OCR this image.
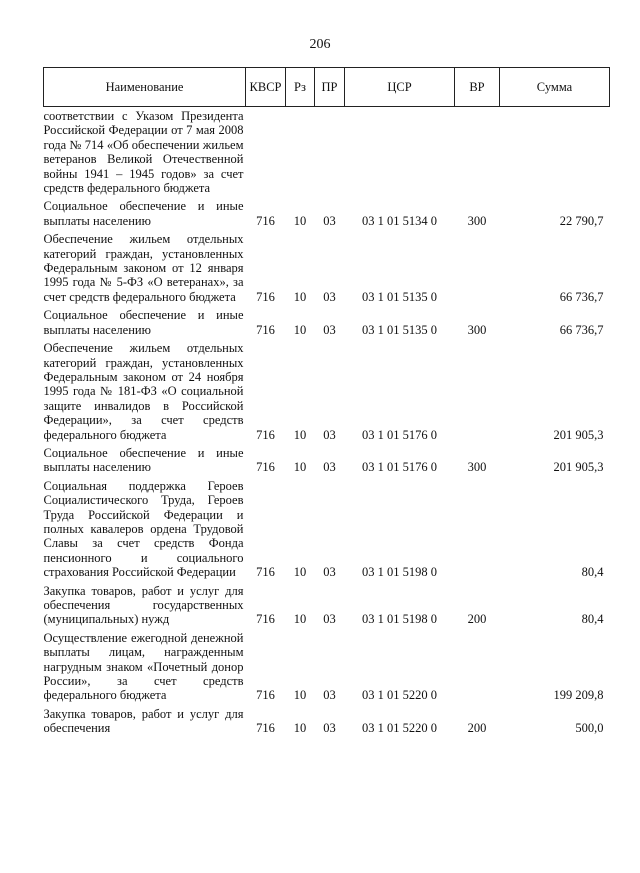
206
Наименование	КВСР	Рз	ПР	ЦСР	ВР	Сумма
соответствии с Указом Президента Российской Федерации от 7 мая 2008 года № 714 «Об обеспечении жильем ветеранов Великой Отечественной войны 1941 – 1945 годов» за счет средств федерального бюджета						
Социальное обеспечение и иные выплаты населению	716	10	03	03 1 01 5134 0	300	22 790,7
Обеспечение жильем отдельных категорий граждан, установленных Федеральным законом от 12 января 1995 года № 5-ФЗ «О ветеранах», за счет средств федерального бюджета	716	10	03	03 1 01 5135 0		66 736,7
Социальное обеспечение и иные выплаты населению	716	10	03	03 1 01 5135 0	300	66 736,7
Обеспечение жильем отдельных категорий граждан, установленных Федеральным законом от 24 ноября 1995 года № 181-ФЗ «О социальной защите инвалидов в Российской Федерации», за счет средств федерального бюджета	716	10	03	03 1 01 5176 0		201 905,3
Социальное обеспечение и иные выплаты населению	716	10	03	03 1 01 5176 0	300	201 905,3
Социальная поддержка Героев Социалистического Труда, Героев Труда Российской Федерации и полных кавалеров ордена Трудовой Славы за счет средств Фонда пенсионного и социального страхования Российской Федерации	716	10	03	03 1 01 5198 0		80,4
Закупка товаров, работ и услуг для обеспечения государственных (муниципальных) нужд	716	10	03	03 1 01 5198 0	200	80,4
Осуществление ежегодной денежной выплаты лицам, награжденным нагрудным знаком «Почетный донор России», за счет средств федерального бюджета	716	10	03	03 1 01 5220 0		199 209,8
Закупка товаров, работ и услуг для обеспечения	716	10	03	03 1 01 5220 0	200	500,0
